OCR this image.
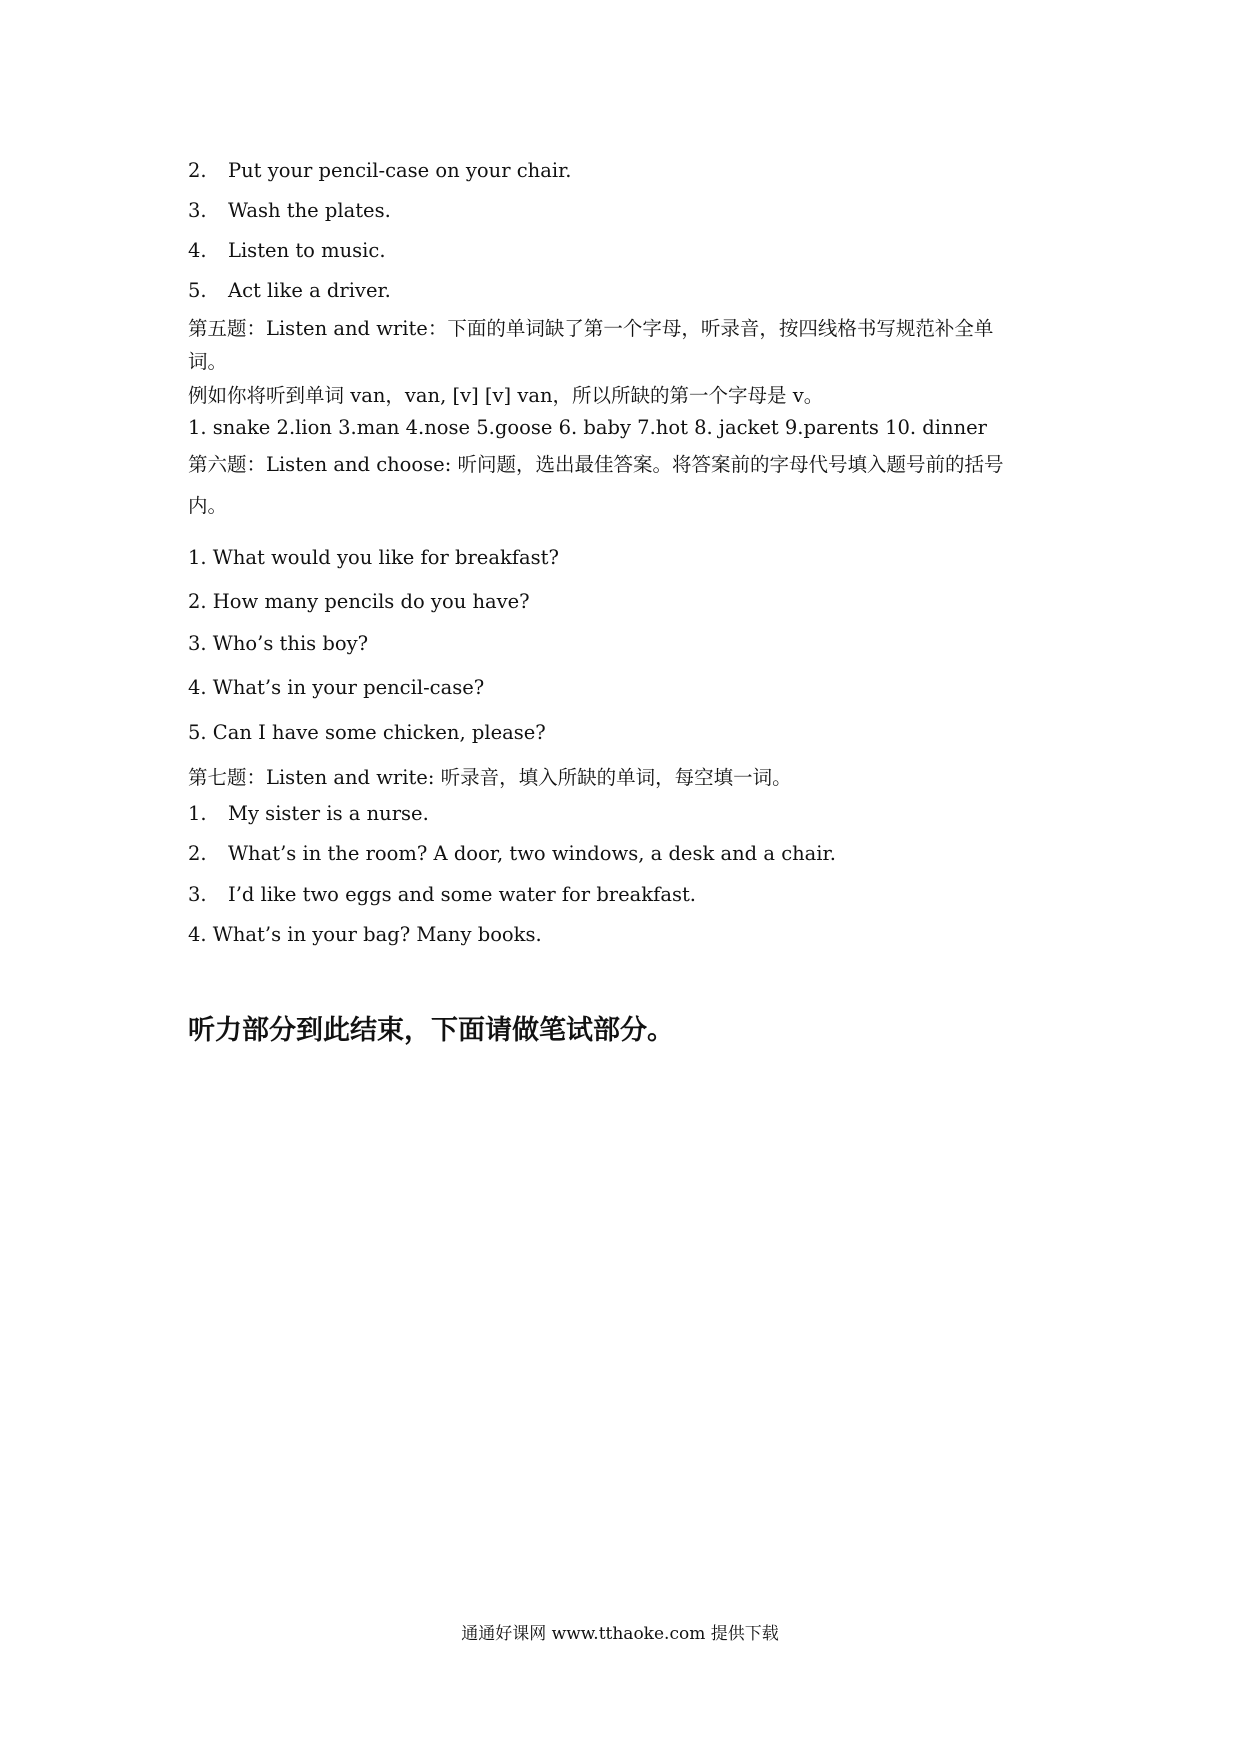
2. Put your pencil-case on your chair.

3. Wash the plates.

4. Listen to music.

5. Act like a driver.

第五题：Listen and write：下面的单词缺了第一个字母，听录音，按四线格书写规范补全单

词。

例如你将听到单词 van，van, [v] [v] van，所以所缺的第一个字母是 v。

1. snake 2.lion 3.man 4.nose 5.goose 6. baby 7.hot 8. jacket 9.parents 10. dinner

第六题：Listen and choose: 听问题，选出最佳答案。将答案前的字母代号填入题号前的括号

内。

1. What would you like for breakfast?

2. How many pencils do you have?

3. Who’s this boy?

4. What’s in your pencil-case?

5. Can I have some chicken, please?

第七题：Listen and write: 听录音，填入所缺的单词，每空填一词。

1. My sister is a nurse.

2. What’s in the room? A door, two windows, a desk and a chair.

3. I’d like two eggs and some water for breakfast.

4. What’s in your bag? Many books.

听力部分到此结束，下面请做笔试部分。

通通好课网 www.tthaoke.com 提供下载
